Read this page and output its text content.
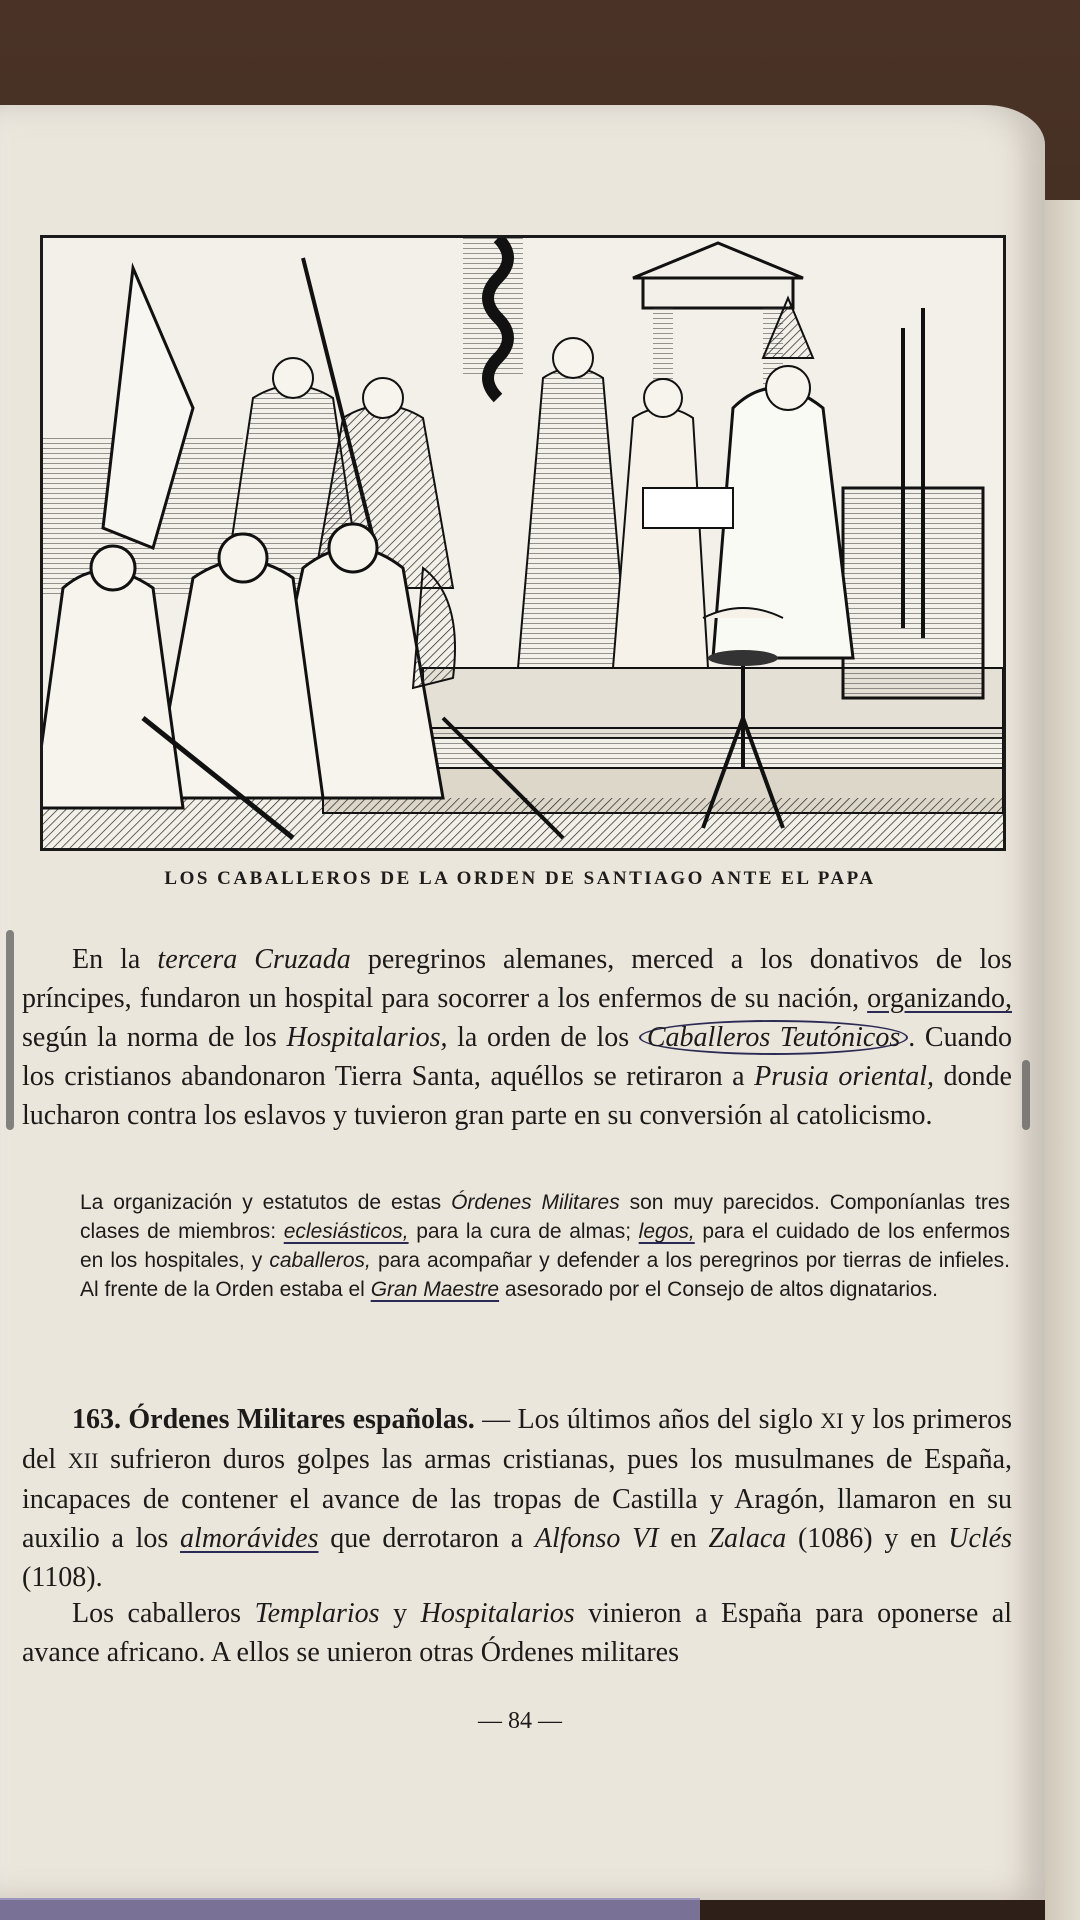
LOS CABALLEROS DE LA ORDEN DE SANTIAGO ANTE EL PAPA
En la tercera Cruzada peregrinos alemanes, merced a los donativos de los príncipes, fundaron un hospital para socorrer a los enfermos de su nación, organizando, según la norma de los Hospitalarios, la orden de los Caballeros Teutónicos . Cuando los cristianos abandonaron Tierra Santa, aquéllos se retiraron a Prusia oriental, donde lucharon contra los eslavos y tuvieron gran parte en su conversión al catolicismo.
La organización y estatutos de estas Órdenes Militares son muy parecidos. Componíanlas tres clases de miembros: eclesiásticos, para la cura de almas; legos, para el cuidado de los enfermos en los hospitales, y caballeros, para acompañar y defender a los peregrinos por tierras de infieles. Al frente de la Orden estaba el Gran Maestre asesorado por el Consejo de altos dignatarios.
163. Órdenes Militares españolas. — Los últimos años del siglo XI y los primeros del XII sufrieron duros golpes las armas cristianas, pues los musulmanes de España, incapaces de contener el avance de las tropas de Castilla y Aragón, llamaron en su auxilio a los almorávides que derrotaron a Alfonso VI en Zalaca (1086) y en Uclés (1108).
Los caballeros Templarios y Hospitalarios vinieron a España para oponerse al avance africano. A ellos se unieron otras Órdenes militares
— 84 —
